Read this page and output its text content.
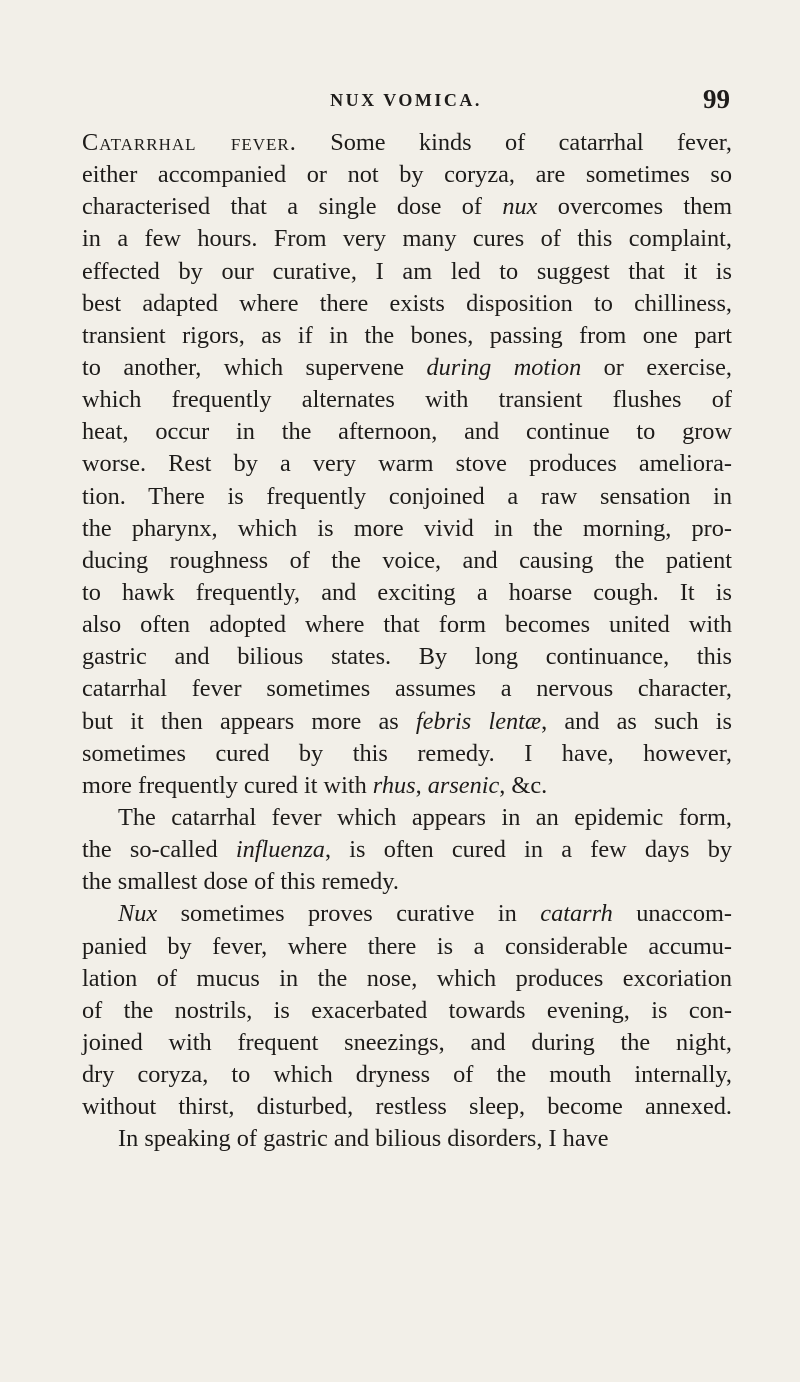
NUX VOMICA.	99
Catarrhal fever. Some kinds of catarrhal fever,
either accompanied or not by coryza, are sometimes so
characterised that a single dose of nux overcomes them
in a few hours. From very many cures of this complaint,
effected by our curative, I am led to suggest that it is
best adapted where there exists disposition to chilliness,
transient rigors, as if in the bones, passing from one part
to another, which supervene during motion or exercise,
which frequently alternates with transient flushes of
heat, occur in the afternoon, and continue to grow
worse. Rest by a very warm stove produces ameliora-
tion. There is frequently conjoined a raw sensation in
the pharynx, which is more vivid in the morning, pro-
ducing roughness of the voice, and causing the patient
to hawk frequently, and exciting a hoarse cough. It is
also often adopted where that form becomes united with
gastric and bilious states. By long continuance, this
catarrhal fever sometimes assumes a nervous character,
but it then appears more as febris lentæ, and as such is
sometimes cured by this remedy. I have, however,
more frequently cured it with rhus, arsenic, &c.
The catarrhal fever which appears in an epidemic form,
the so-called influenza, is often cured in a few days by
the smallest dose of this remedy.
Nux sometimes proves curative in catarrh unaccom-
panied by fever, where there is a considerable accumu-
lation of mucus in the nose, which produces excoriation
of the nostrils, is exacerbated towards evening, is con-
joined with frequent sneezings, and during the night,
dry coryza, to which dryness of the mouth internally,
without thirst, disturbed, restless sleep, become annexed.
In speaking of gastric and bilious disorders, I have
